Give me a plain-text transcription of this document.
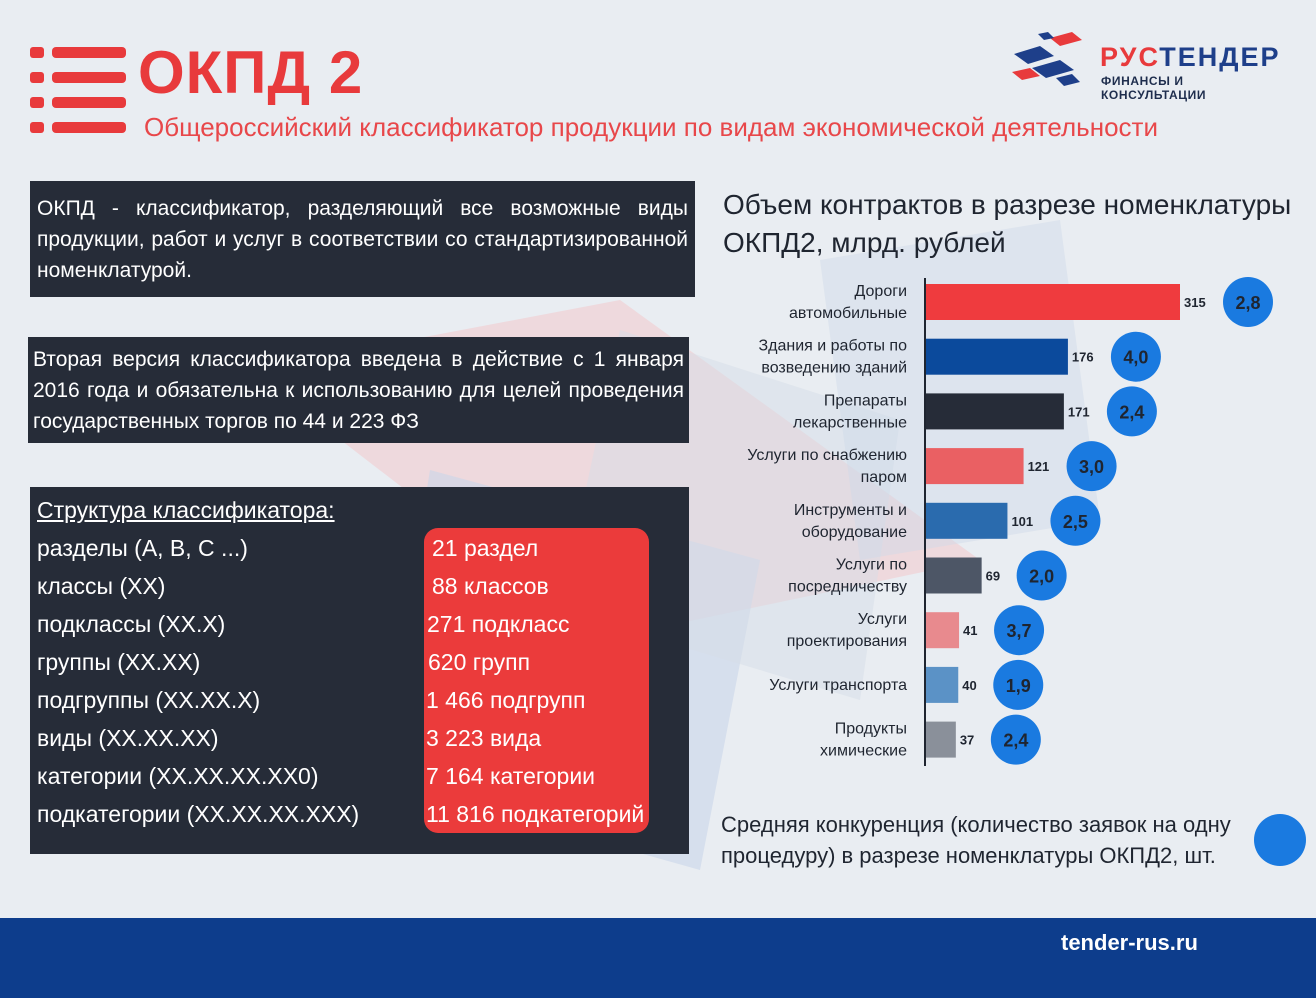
ОКПД 2
Общероссийский классификатор продукции по видам экономической деятельности
РУСТЕНДЕР
ФИНАНСЫ И КОНСУЛЬТАЦИИ
ОКПД - классификатор, разделяющий все возможные виды продукции, работ и услуг в соответствии со стандартизированной номенклатурой.
Вторая версия классификатора введена в действие с 1 января 2016 года и обязательна к использованию для целей проведения государственных торгов по 44 и 223 ФЗ
Структура классификатора:
разделы (A, B, C ...)
классы (XX)
подклассы (XX.X)
группы (XX.XX)
подгруппы (XX.XX.X)
виды (XX.XX.XX)
категории (XX.XX.XX.XX0)
подкатегории (XX.XX.XX.XXX)
21 раздел
88 классов
271 подкласс
620 групп
1 466 подгрупп
3 223 вида
7 164 категории
11 816 подкатегорий
Объем контрактов в разрезе номенклатуры ОКПД2, млрд. рублей
315 2,8
Дороги
автомобильные
176 4,0
Здания и работы по
возведению зданий
171 2,4
Препараты
лекарственные
121 3,0
Услуги по снабжению
паром
101 2,5
Инструменты и
оборудование
69 2,0
Услуги по
посредничеству
41 3,7
Услуги
проектирования
40 1,9
Услуги транспорта
37 2,4
Продукты
химические
Средняя конкуренция (количество заявок на одну процедуру) в разрезе номенклатуры ОКПД2, шт.
tender-rus.ru
